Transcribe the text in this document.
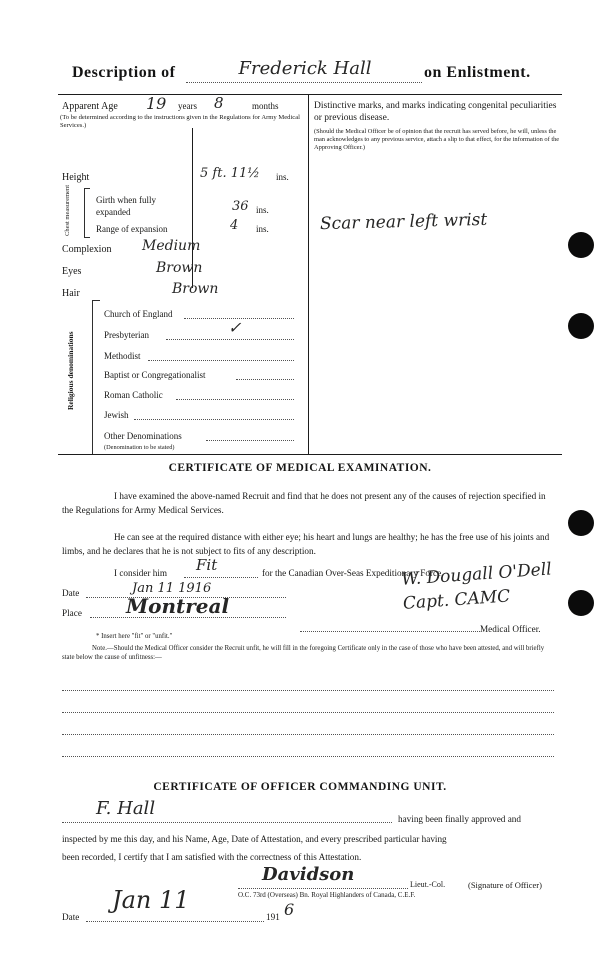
Description of	Frederick Hall	on Enlistment.
Apparent Age 19 years 8	months
(To be determined according to the instructions given in the Regulations for Army Medical Services.)
Height	5 ft. 11½ ins.
Chest measurement	Girth when fully expanded	36 ins.
Range of expansion	4 ins.
Complexion Medium
Eyes	Brown
Hair	Brown
Religious denominations
Church of England
Presbyterian	✓
Methodist
Baptist or Congregationalist
Roman Catholic
Jewish
Other Denominations
(Denomination to be stated)
Distinctive marks, and marks indicating congenital peculiarities or previous disease.
(Should the Medical Officer be of opinion that the recruit has served before, he will, unless the man acknowledges to any previous service, attach a slip to that effect, for the information of the Approving Officer.)
Scar near left wrist
CERTIFICATE OF MEDICAL EXAMINATION.
I have examined the above-named Recruit and find that he does not present any of the causes of rejection specified in the Regulations for Army Medical Services.
He can see at the required distance with either eye; his heart and lungs are healthy; he has the free use of his joints and limbs, and he declares that he is not subject to fits of any description.
I consider him Fit	for the Canadian Over-Seas Expeditionary Force.
Date	Jan 11 1916
Place Montreal
W. Dougall O'Dell Capt. CAMC
Medical Officer.
* Insert here "fit" or "unfit."
Note.—Should the Medical Officer consider the Recruit unfit, he will fill in the foregoing Certificate only in the case of those who have been attested, and will briefly state below the cause of unfitness:—
CERTIFICATE OF OFFICER COMMANDING UNIT.
F. Hall	having been finally approved and
inspected by me this day, and his Name, Age, Date of Attestation, and every prescribed particular having
been recorded, I certify that I am satisfied with the correctness of this Attestation.
Davidson	Lieut.-Col.	(Signature of Officer)
O.C. 73rd (Overseas) Bn. Royal Highlanders of Canada, C.E.F.
Date
Jan 11
191 6
